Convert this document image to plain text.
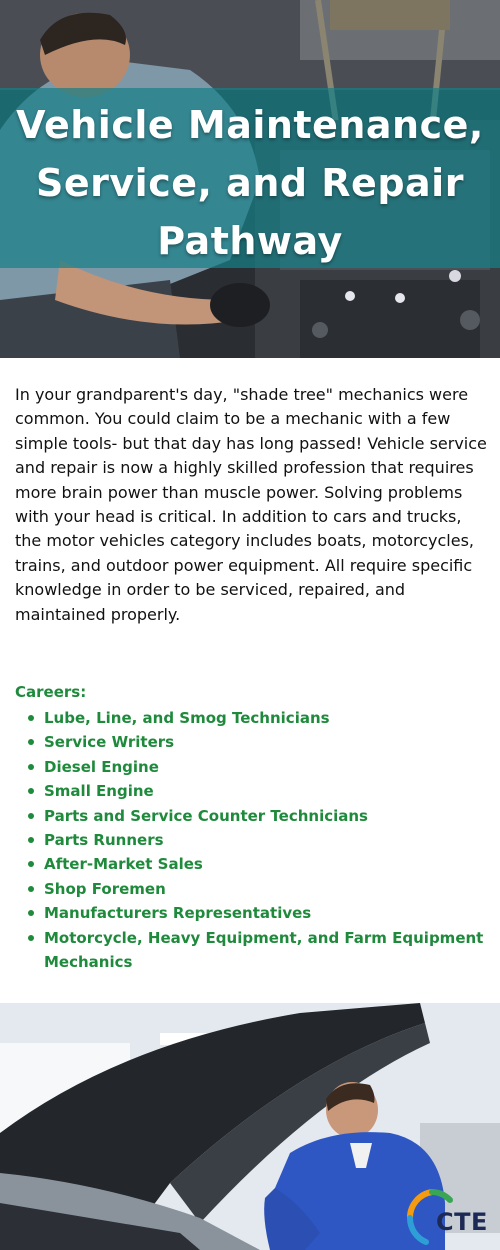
Vehicle Maintenance,
Service, and Repair
Pathway

In your grandparent's day, "shade tree" mechanics were common. You could claim to be a mechanic with a few simple tools- but that day has long passed! Vehicle service and repair is now a highly skilled profession that requires more brain power than muscle power. Solving problems with your head is critical. In addition to cars and trucks, the motor vehicles category includes boats, motorcycles, trains, and outdoor power equipment. All require specific knowledge in order to be serviced, repaired, and maintained properly.

Careers:
Lube, Line, and Smog Technicians
Service Writers
Diesel Engine
Small Engine
Parts and Service Counter Technicians
Parts Runners
After-Market Sales
Shop Foremen
Manufacturers Representatives
Motorcycle, Heavy Equipment, and Farm Equipment Mechanics
CTE
